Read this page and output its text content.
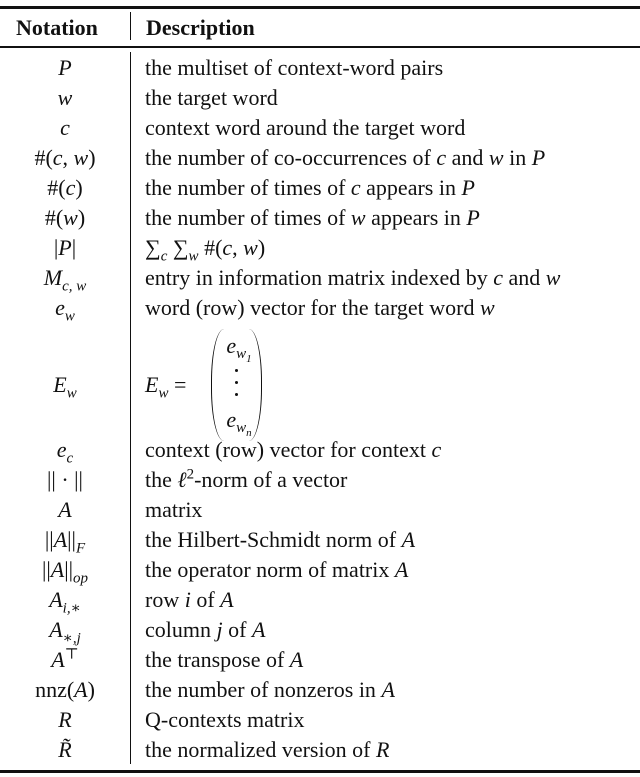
Notation Description
P	the multiset of context-word pairs
w	the target word
c	context word around the target word
#(c, w)	the number of co-occurrences of c and w in P
#(c)	the number of times of c appears in P
#(w)	the number of times of w appears in P
|P|	$\sum_c$ $\sum_w$ #(c, w)
$M_{c, w}$	entry in information matrix indexed by c and w
$e_w$	word (row) vector for the target word w
$E_w$	$E_w$ =
$e_{w_1}$
$e_{w_n}$
$e_c$	context (row) vector for context c
|| · ||	the ℓ$^2$-norm of a vector
A	matrix
$||A||_F$	the Hilbert-Schmidt norm of A
$||A||_{op}$	the operator norm of matrix A
$A_{i,∗}$	row i of A
$A_{∗,j}$	column j of A
A⊤	the transpose of A
nnz(A)	the number of nonzeros in A
R	Q-contexts matrix
R̃	the normalized version of R
